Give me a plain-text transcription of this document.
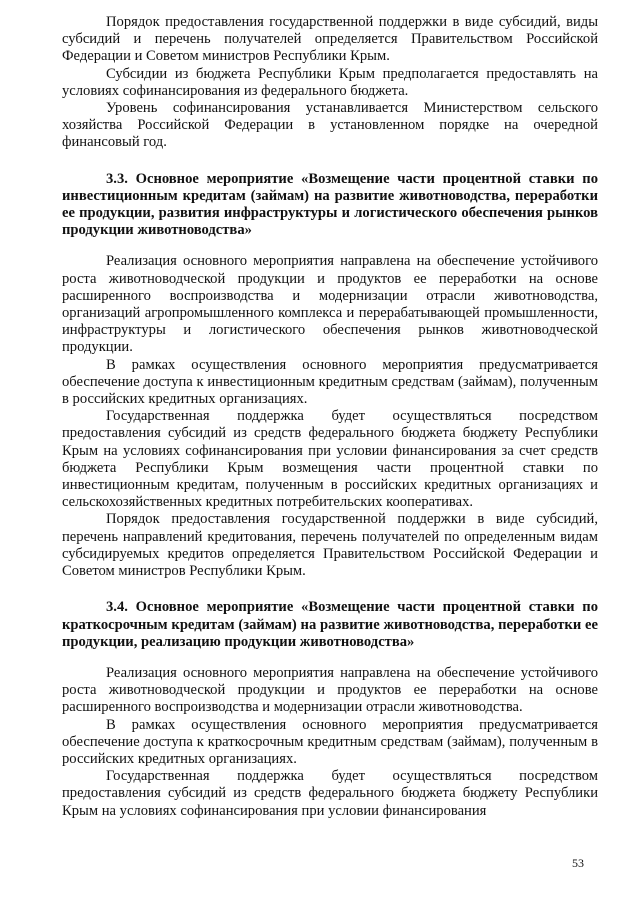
Порядок предоставления государственной поддержки в виде субсидий, виды субсидий и перечень получателей определяется Правительством Российской Федерации и Советом министров Республики Крым.

Субсидии из бюджета Республики Крым предполагается предоставлять на условиях софинансирования из федерального бюджета.

Уровень софинансирования устанавливается Министерством сельского хозяйства Российской Федерации в установленном порядке на очередной финансовый год.

3.3. Основное мероприятие «Возмещение части процентной ставки по инвестиционным кредитам (займам) на развитие животноводства, переработки ее продукции, развития инфраструктуры и логистического обеспечения рынков продукции животноводства»

Реализация основного мероприятия направлена на обеспечение устойчивого роста животноводческой продукции и продуктов ее переработки на основе расширенного воспроизводства и модернизации отрасли животноводства, организаций агропромышленного комплекса и перерабатывающей промышленности, инфраструктуры и логистического обеспечения рынков животноводческой продукции.

В рамках осуществления основного мероприятия предусматривается обеспечение доступа к инвестиционным кредитным средствам (займам), полученным в российских кредитных организациях.

Государственная поддержка будет осуществляться посредством предоставления субсидий из средств федерального бюджета бюджету Республики Крым на условиях софинансирования при условии финансирования за счет средств бюджета Республики Крым возмещения части процентной ставки по инвестиционным кредитам, полученным в российских кредитных организациях и сельскохозяйственных кредитных потребительских кооперативах.

Порядок предоставления государственной поддержки в виде субсидий, перечень направлений кредитования, перечень получателей по определенным видам субсидируемых кредитов определяется Правительством Российской Федерации и Советом министров Республики Крым.

3.4. Основное мероприятие «Возмещение части процентной ставки по краткосрочным кредитам (займам) на развитие животноводства, переработки ее продукции, реализацию продукции животноводства»

Реализация основного мероприятия направлена на обеспечение устойчивого роста животноводческой продукции и продуктов ее переработки на основе расширенного воспроизводства и модернизации отрасли животноводства.

В рамках осуществления основного мероприятия предусматривается обеспечение доступа к краткосрочным кредитным средствам (займам), полученным в российских кредитных организациях.

Государственная поддержка будет осуществляться посредством предоставления субсидий из средств федерального бюджета бюджету Республики Крым на условиях софинансирования при условии финансирования

53
